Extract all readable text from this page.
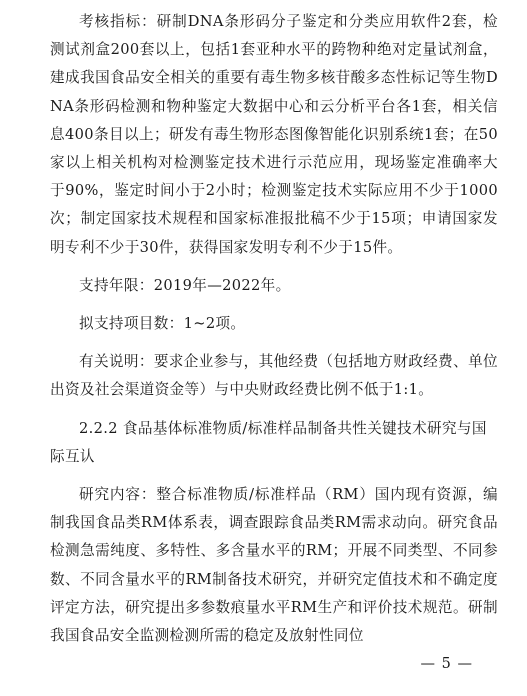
考核指标：研制DNA条形码分子鉴定和分类应用软件2套，检测试剂盒200套以上，包括1套亚种水平的跨物种绝对定量试剂盒，建成我国食品安全相关的重要有毒生物多核苷酸多态性标记等生物DNA条形码检测和物种鉴定大数据中心和云分析平台各1套，相关信息400条目以上；研发有毒生物形态图像智能化识别系统1套；在50家以上相关机构对检测鉴定技术进行示范应用，现场鉴定准确率大于90%，鉴定时间小于2小时；检测鉴定技术实际应用不少于1000次；制定国家技术规程和国家标准报批稿不少于15项；申请国家发明专利不少于30件，获得国家发明专利不少于15件。

支持年限：2019年—2022年。

拟支持项目数：1~2项。

有关说明：要求企业参与，其他经费（包括地方财政经费、单位出资及社会渠道资金等）与中央财政经费比例不低于1:1。

2.2.2 食品基体标准物质/标准样品制备共性关键技术研究与国际互认

研究内容：整合标准物质/标准样品（RM）国内现有资源，编制我国食品类RM体系表，调查跟踪食品类RM需求动向。研究食品检测急需纯度、多特性、多含量水平的RM；开展不同类型、不同参数、不同含量水平的RM制备技术研究，并研究定值技术和不确定度评定方法，研究提出多参数痕量水平RM生产和评价技术规范。研制我国食品安全监测检测所需的稳定及放射性同位

— 5 —
